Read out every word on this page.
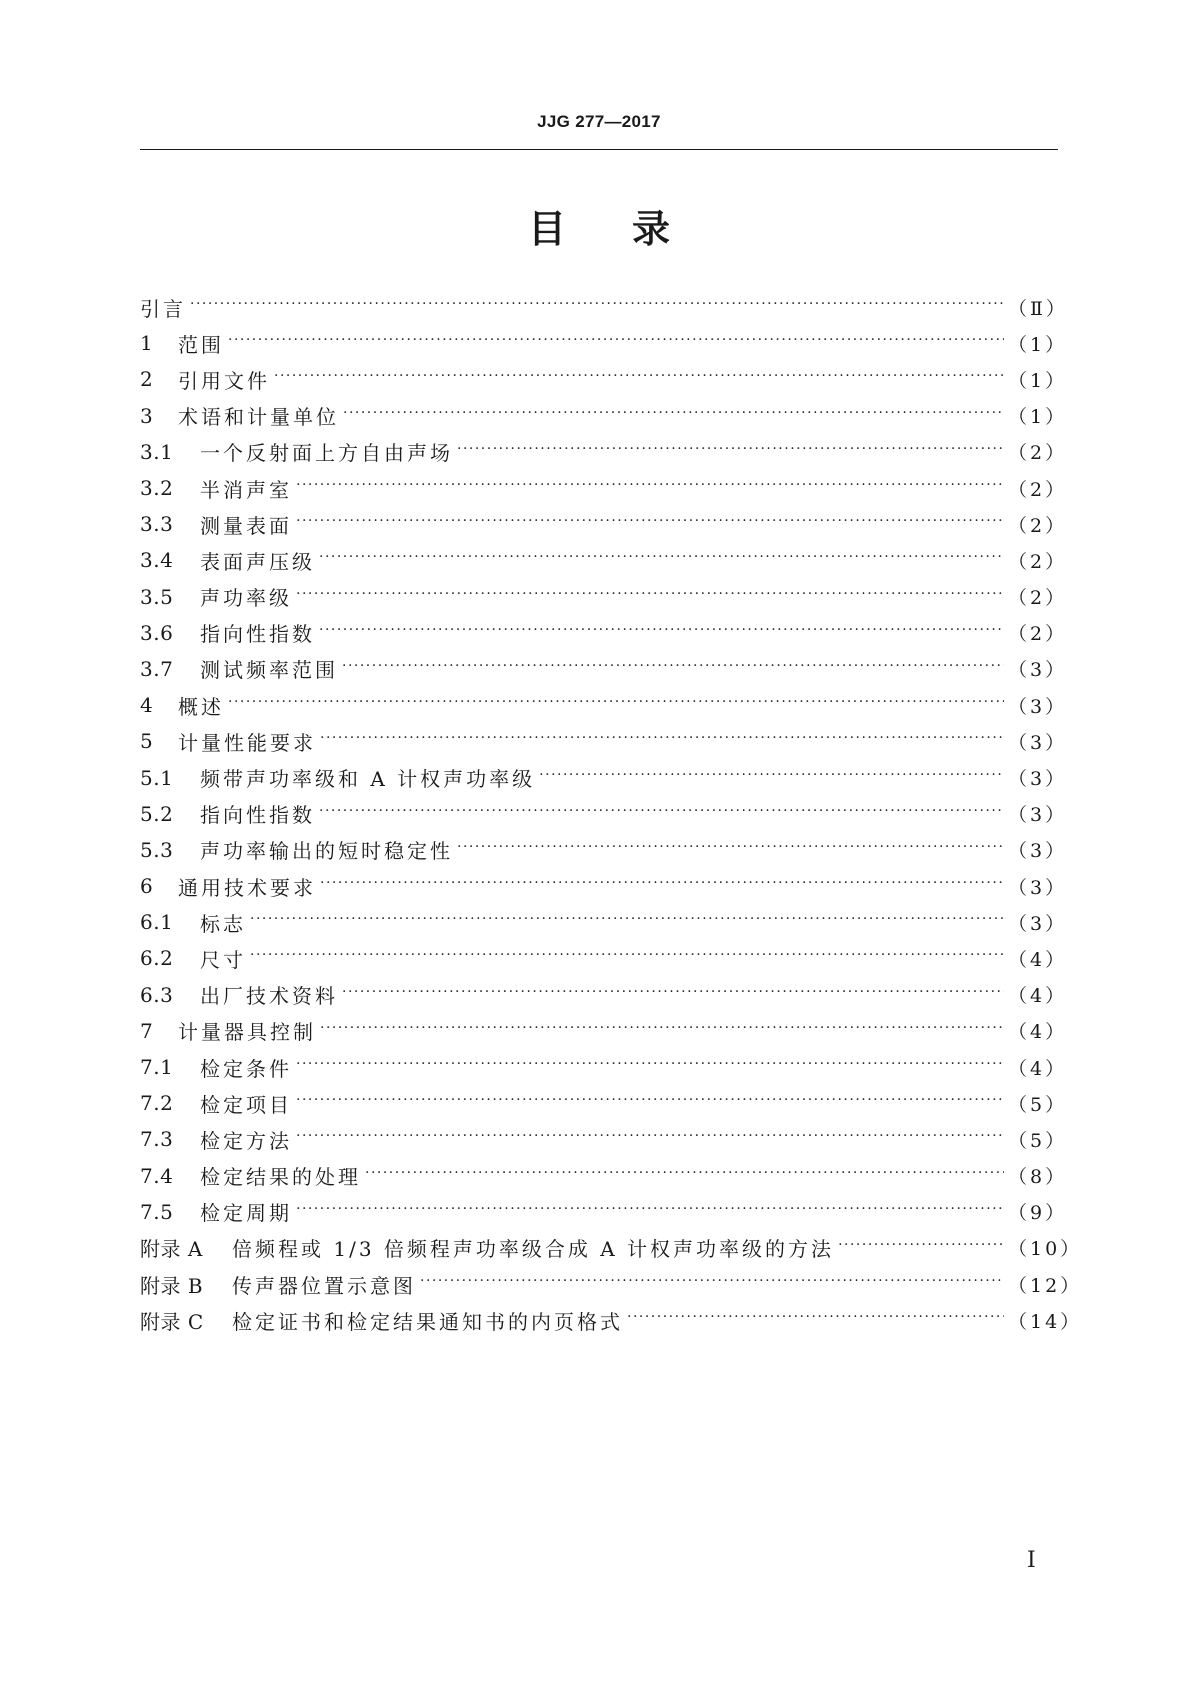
JJG 277—2017
目 录
引言 ·····	（Ⅱ）
1	范围 ·····	（1）
2	引用文件 ·····	（1）
3	术语和计量单位 ·····	（1）
3.1	一个反射面上方自由声场 ·····	（2）
3.2	半消声室 ·····	（2）
3.3	测量表面 ·····	（2）
3.4	表面声压级 ·····	（2）
3.5	声功率级 ·····	（2）
3.6	指向性指数 ·····	（2）
3.7	测试频率范围 ·····	（3）
4	概述 ·····	（3）
5	计量性能要求 ·····	（3）
5.1	频带声功率级和 A 计权声功率级 ·····	（3）
5.2	指向性指数 ·····	（3）
5.3	声功率输出的短时稳定性 ·····	（3）
6	通用技术要求 ·····	（3）
6.1	标志 ·····	（3）
6.2	尺寸 ·····	（4）
6.3	出厂技术资料 ·····	（4）
7	计量器具控制 ·····	（4）
7.1	检定条件 ·····	（4）
7.2	检定项目 ·····	（5）
7.3	检定方法 ·····	（5）
7.4	检定结果的处理 ·····	（8）
7.5	检定周期 ·····	（9）
附录 A	倍频程或 1/3 倍频程声功率级合成 A 计权声功率级的方法 ·····	（10）
附录 B	传声器位置示意图 ·····	（12）
附录 C	检定证书和检定结果通知书的内页格式 ·····	（14）
Ⅰ
